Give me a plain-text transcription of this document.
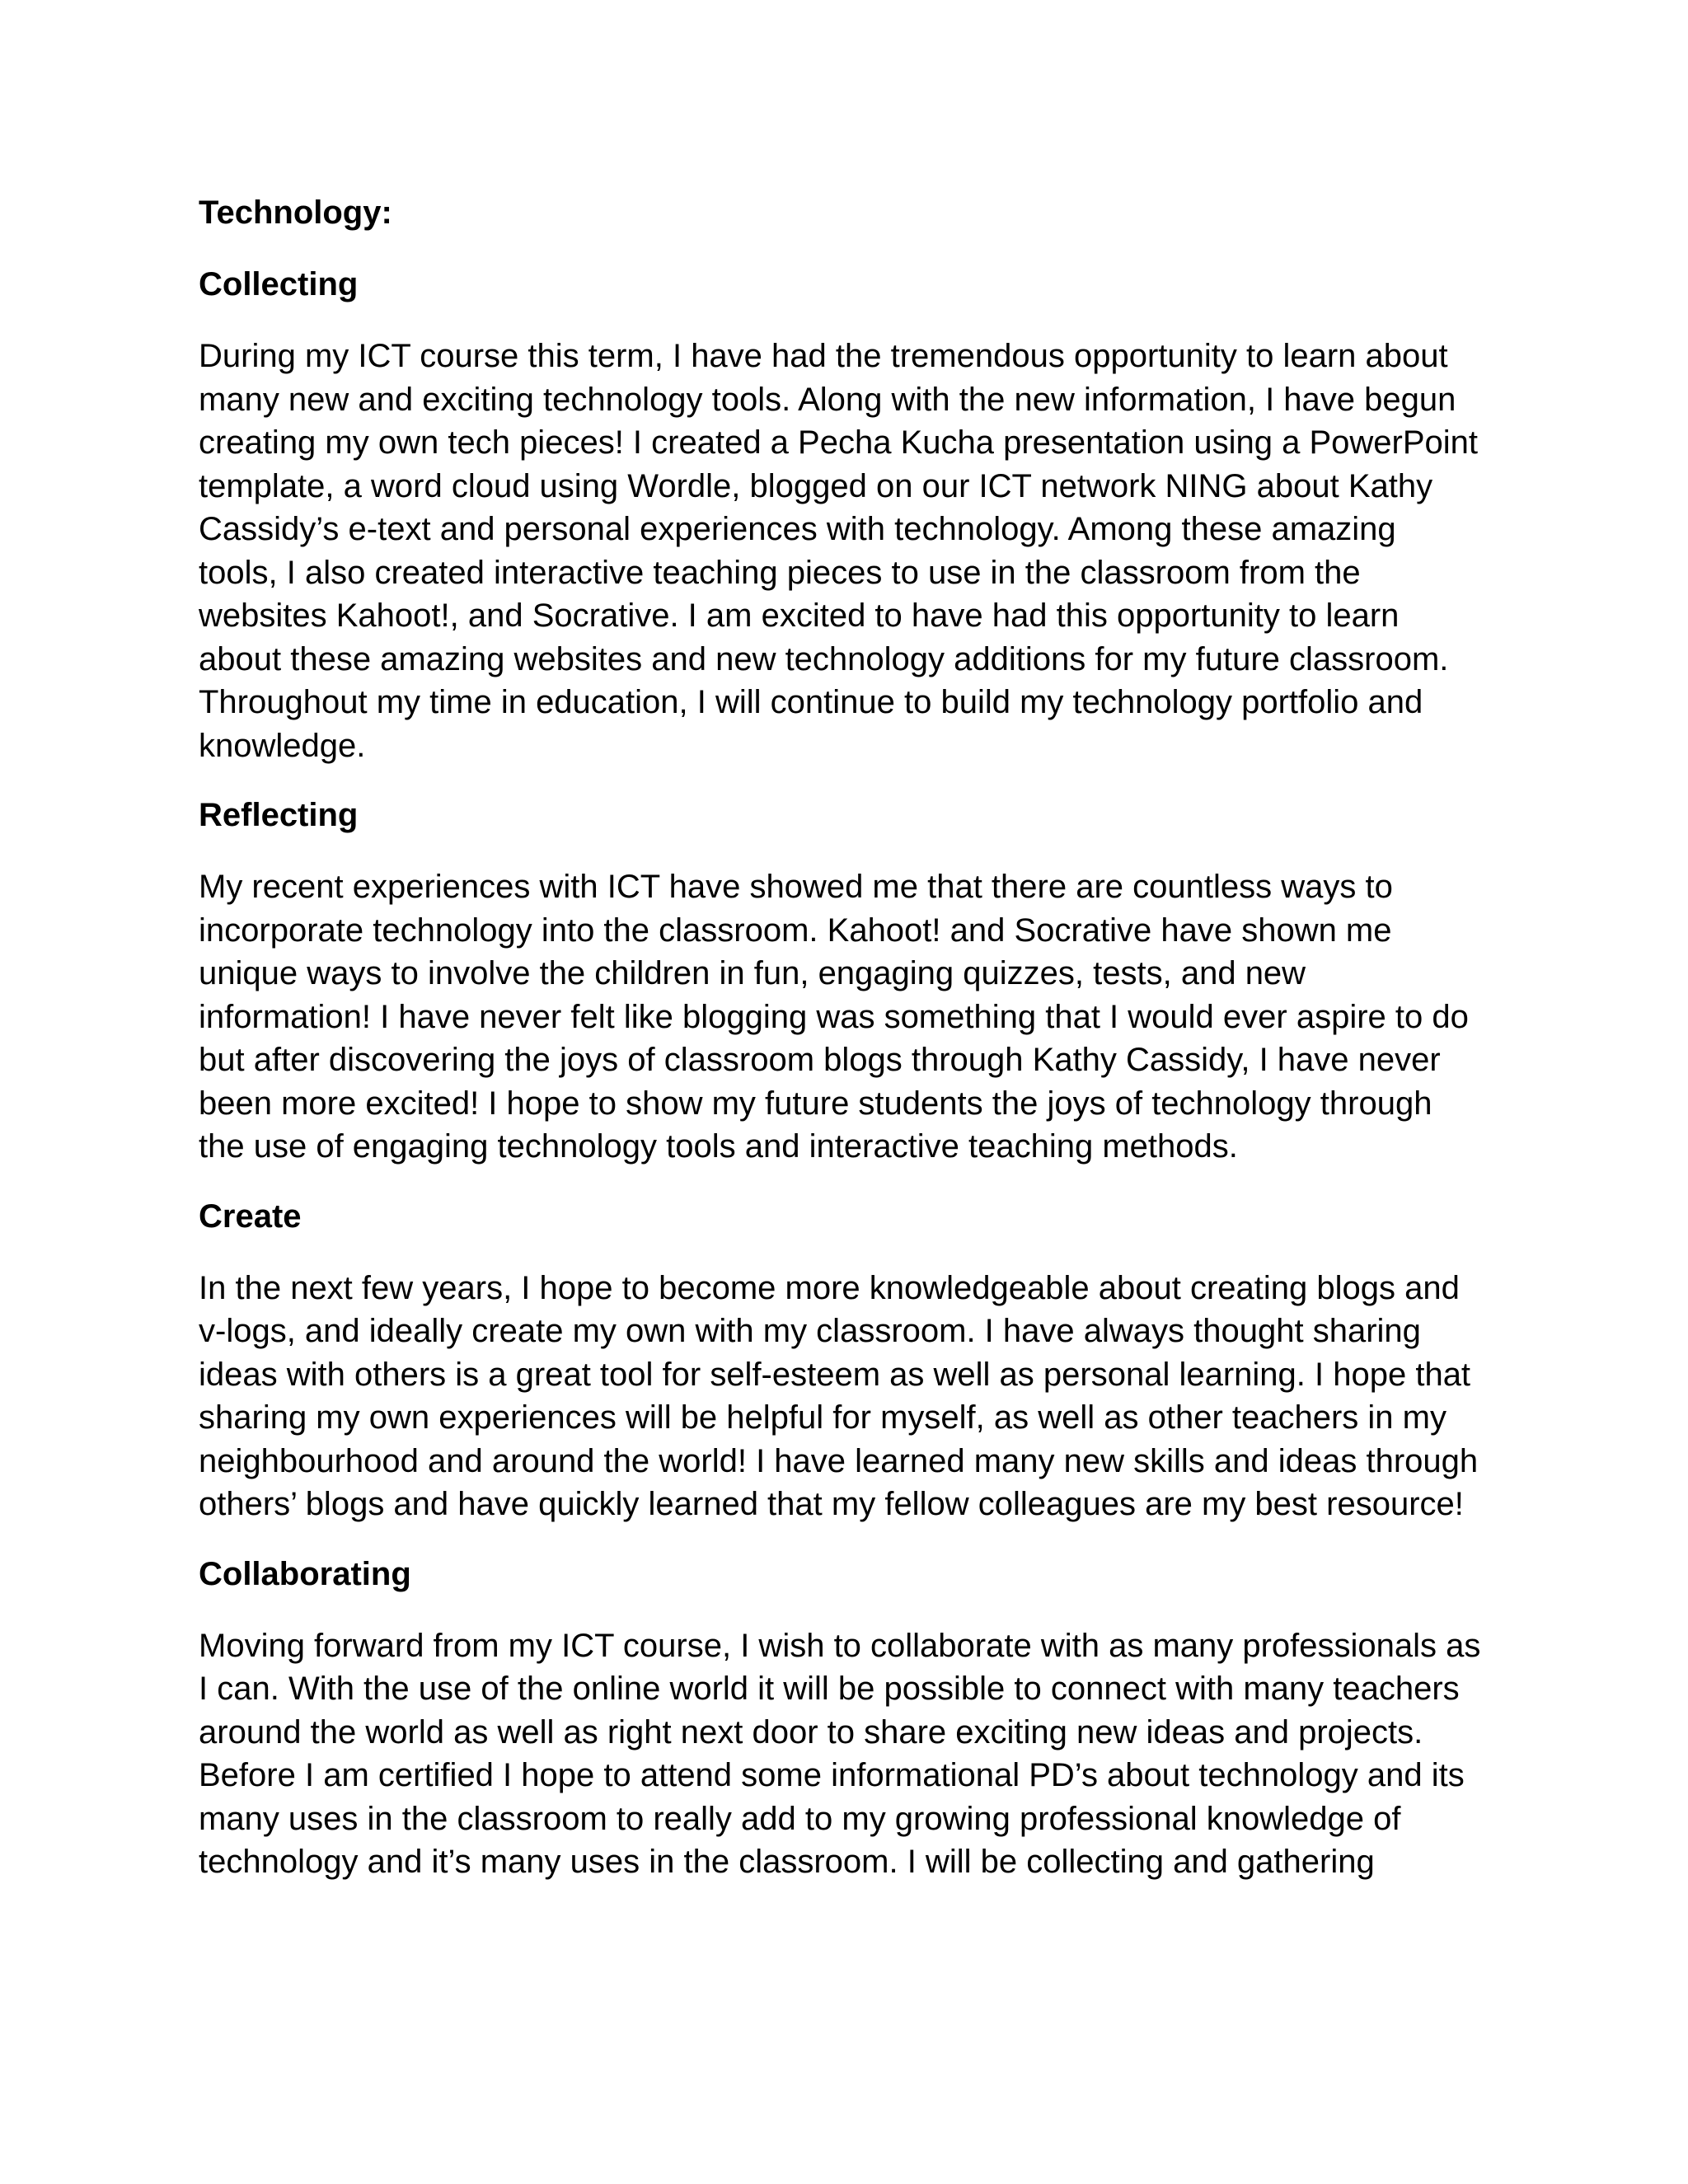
Technology:
Collecting
During my ICT course this term, I have had the tremendous opportunity to learn about
many new and exciting technology tools. Along with the new information, I have begun
creating my own tech pieces! I created a Pecha Kucha presentation using a PowerPoint
template, a word cloud using Wordle, blogged on our ICT network NING about Kathy
Cassidy’s e-text and personal experiences with technology. Among these amazing
tools, I also created interactive teaching pieces to use in the classroom from the
websites Kahoot!, and Socrative. I am excited to have had this opportunity to learn
about these amazing websites and new technology additions for my future classroom.
Throughout my time in education, I will continue to build my technology portfolio and
knowledge.
Reflecting
My recent experiences with ICT have showed me that there are countless ways to
incorporate technology into the classroom. Kahoot! and Socrative have shown me
unique ways to involve the children in fun, engaging quizzes, tests, and new
information! I have never felt like blogging was something that I would ever aspire to do
but after discovering the joys of classroom blogs through Kathy Cassidy, I have never
been more excited! I hope to show my future students the joys of technology through
the use of engaging technology tools and interactive teaching methods.
Create
In the next few years, I hope to become more knowledgeable about creating blogs and
v-logs, and ideally create my own with my classroom. I have always thought sharing
ideas with others is a great tool for self-esteem as well as personal learning. I hope that
sharing my own experiences will be helpful for myself, as well as other teachers in my
neighbourhood and around the world! I have learned many new skills and ideas through
others’ blogs and have quickly learned that my fellow colleagues are my best resource!
Collaborating
Moving forward from my ICT course, I wish to collaborate with as many professionals as
I can. With the use of the online world it will be possible to connect with many teachers
around the world as well as right next door to share exciting new ideas and projects.
Before I am certified I hope to attend some informational PD’s about technology and its
many uses in the classroom to really add to my growing professional knowledge of
technology and it’s many uses in the classroom. I will be collecting and gathering
